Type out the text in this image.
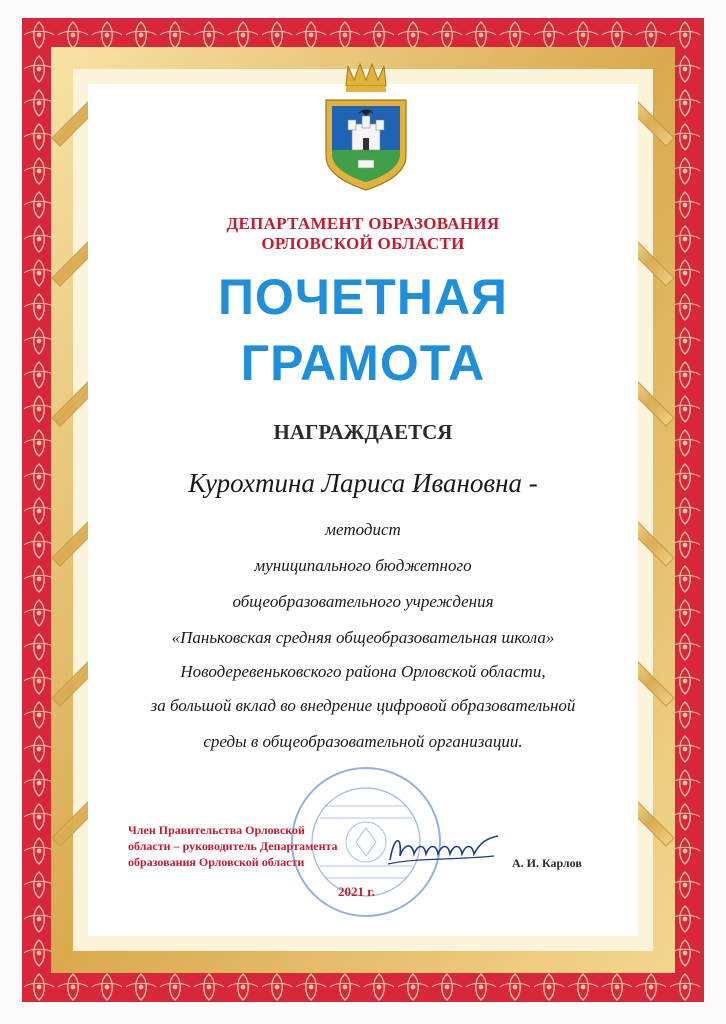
ДЕПАРТАМЕНТ ОБРАЗОВАНИЯ
ОРЛОВСКОЙ ОБЛАСТИ
ПОЧЕТНАЯ
ГРАМОТА
НАГРАЖДАЕТСЯ
Курохтина Лариса Ивановна -
методист
муниципального бюджетного
общеобразовательного учреждения
«Паньковская средняя общеобразовательная школа»
Новодеревеньковского района Орловской области,
за большой вклад во внедрение цифровой образовательной
среды в общеобразовательной организации.
Член Правительства Орловской
области – руководитель Департамента
образования Орловской области	А. И. Карлов
2021 г.
